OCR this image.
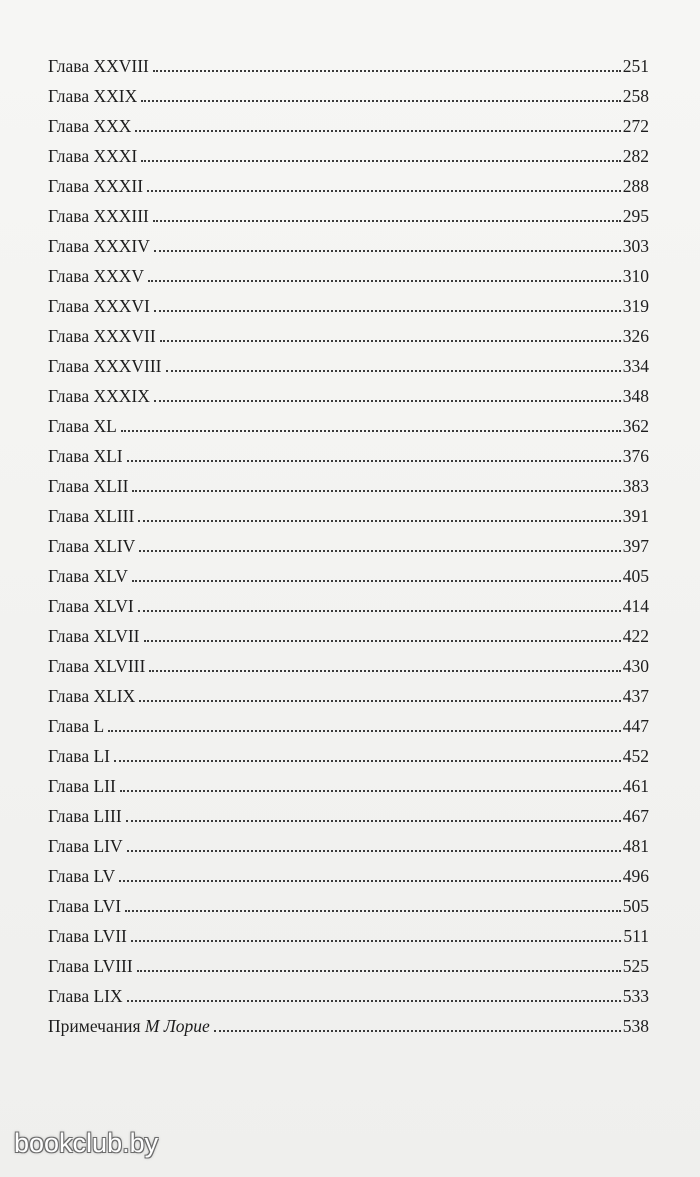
Глава XXVIII	251
Глава XXIX	258
Глава XXX	272
Глава XXXI	282
Глава XXXII	288
Глава XXXIII	295
Глава XXXIV	303
Глава XXXV	310
Глава XXXVI	319
Глава XXXVII	326
Глава XXXVIII	334
Глава XXXIX	348
Глава XL	362
Глава XLI	376
Глава XLII	383
Глава XLIII	391
Глава XLIV	397
Глава XLV	405
Глава XLVI	414
Глава XLVII	422
Глава XLVIII	430
Глава XLIX	437
Глава L	447
Глава LI	452
Глава LII	461
Глава LIII	467
Глава LIV	481
Глава LV	496
Глава LVI	505
Глава LVII	511
Глава LVIII	525
Глава LIX	533
Примечания М Лорие	538
bookclub.by
